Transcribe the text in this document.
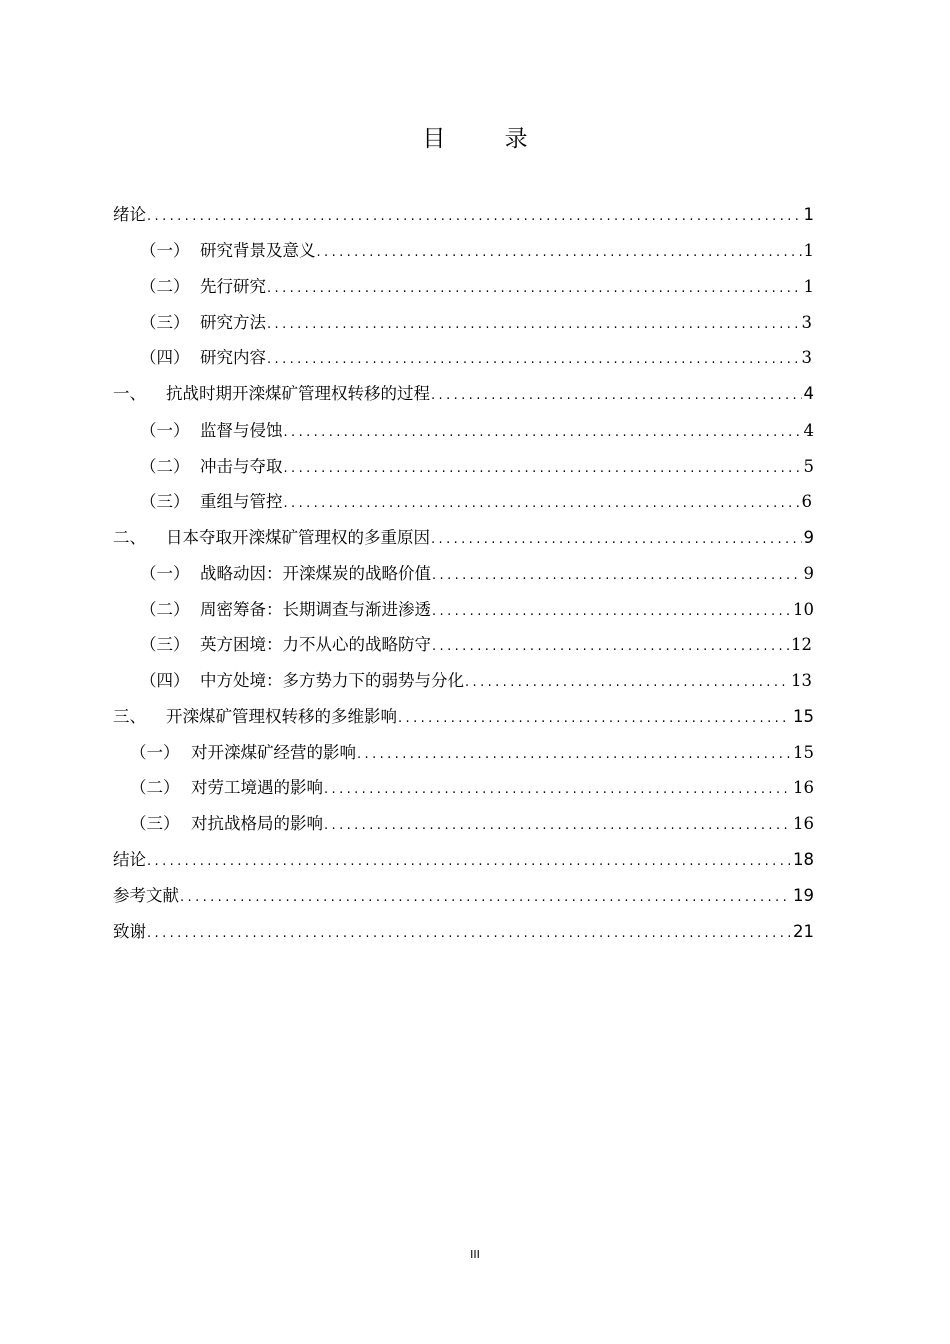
目 录
绪论 .....	1
（一） 研究背景及意义 .....	1
（二） 先行研究 .....	1
（三） 研究方法 .....	3
（四） 研究内容 .....	3
一、 抗战时期开滦煤矿管理权转移的过程 .....	4
（一） 监督与侵蚀 .....	4
（二） 冲击与夺取 .....	5
（三） 重组与管控 .....	6
二、 日本夺取开滦煤矿管理权的多重原因 .....	9
（一） 战略动因：开滦煤炭的战略价值 .....	9
（二） 周密筹备：长期调查与渐进渗透 .....	10
（三） 英方困境：力不从心的战略防守 .....	12
（四） 中方处境：多方势力下的弱势与分化 .....	13
三、 开滦煤矿管理权转移的多维影响 .....	15
（一） 对开滦煤矿经营的影响 .....	15
（二） 对劳工境遇的影响 .....	16
（三） 对抗战格局的影响 .....	16
结论 .....	18
参考文献 .....	19
致谢 .....	21
III
